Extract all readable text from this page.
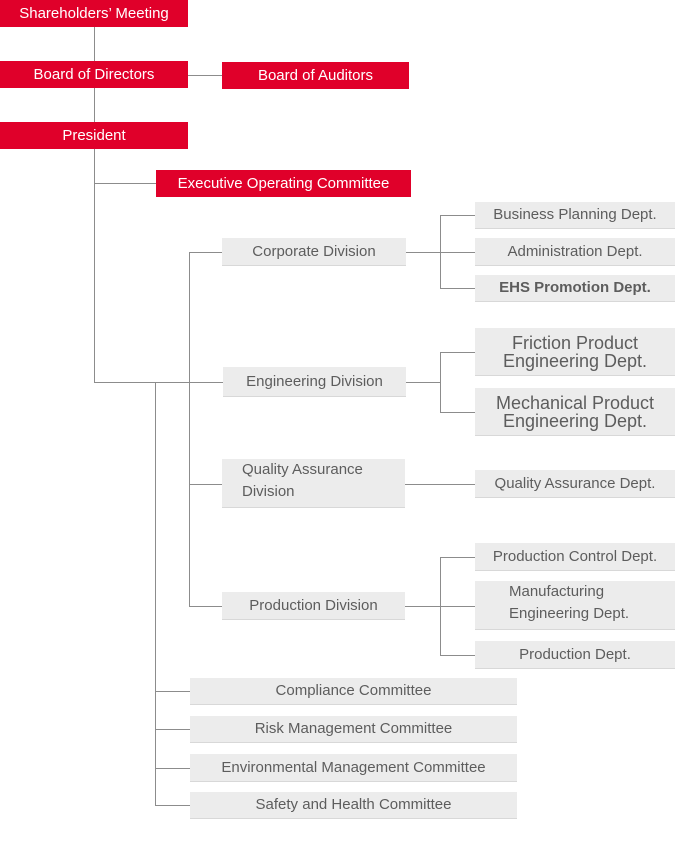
Shareholders’ Meeting
Board of Directors	Board of Auditors
President
Executive Operating Committee
Corporate Division
Engineering Division
Quality Assurance
Division
Production Division
Business Planning Dept.
Administration Dept.
EHS Promotion Dept.
Friction Product
Engineering Dept.
Mechanical Product
Engineering Dept.
Quality Assurance Dept.
Production Control Dept.
Manufacturing
Engineering Dept.
Production Dept.
Compliance Committee
Risk Management Committee
Environmental Management Committee
Safety and Health Committee
